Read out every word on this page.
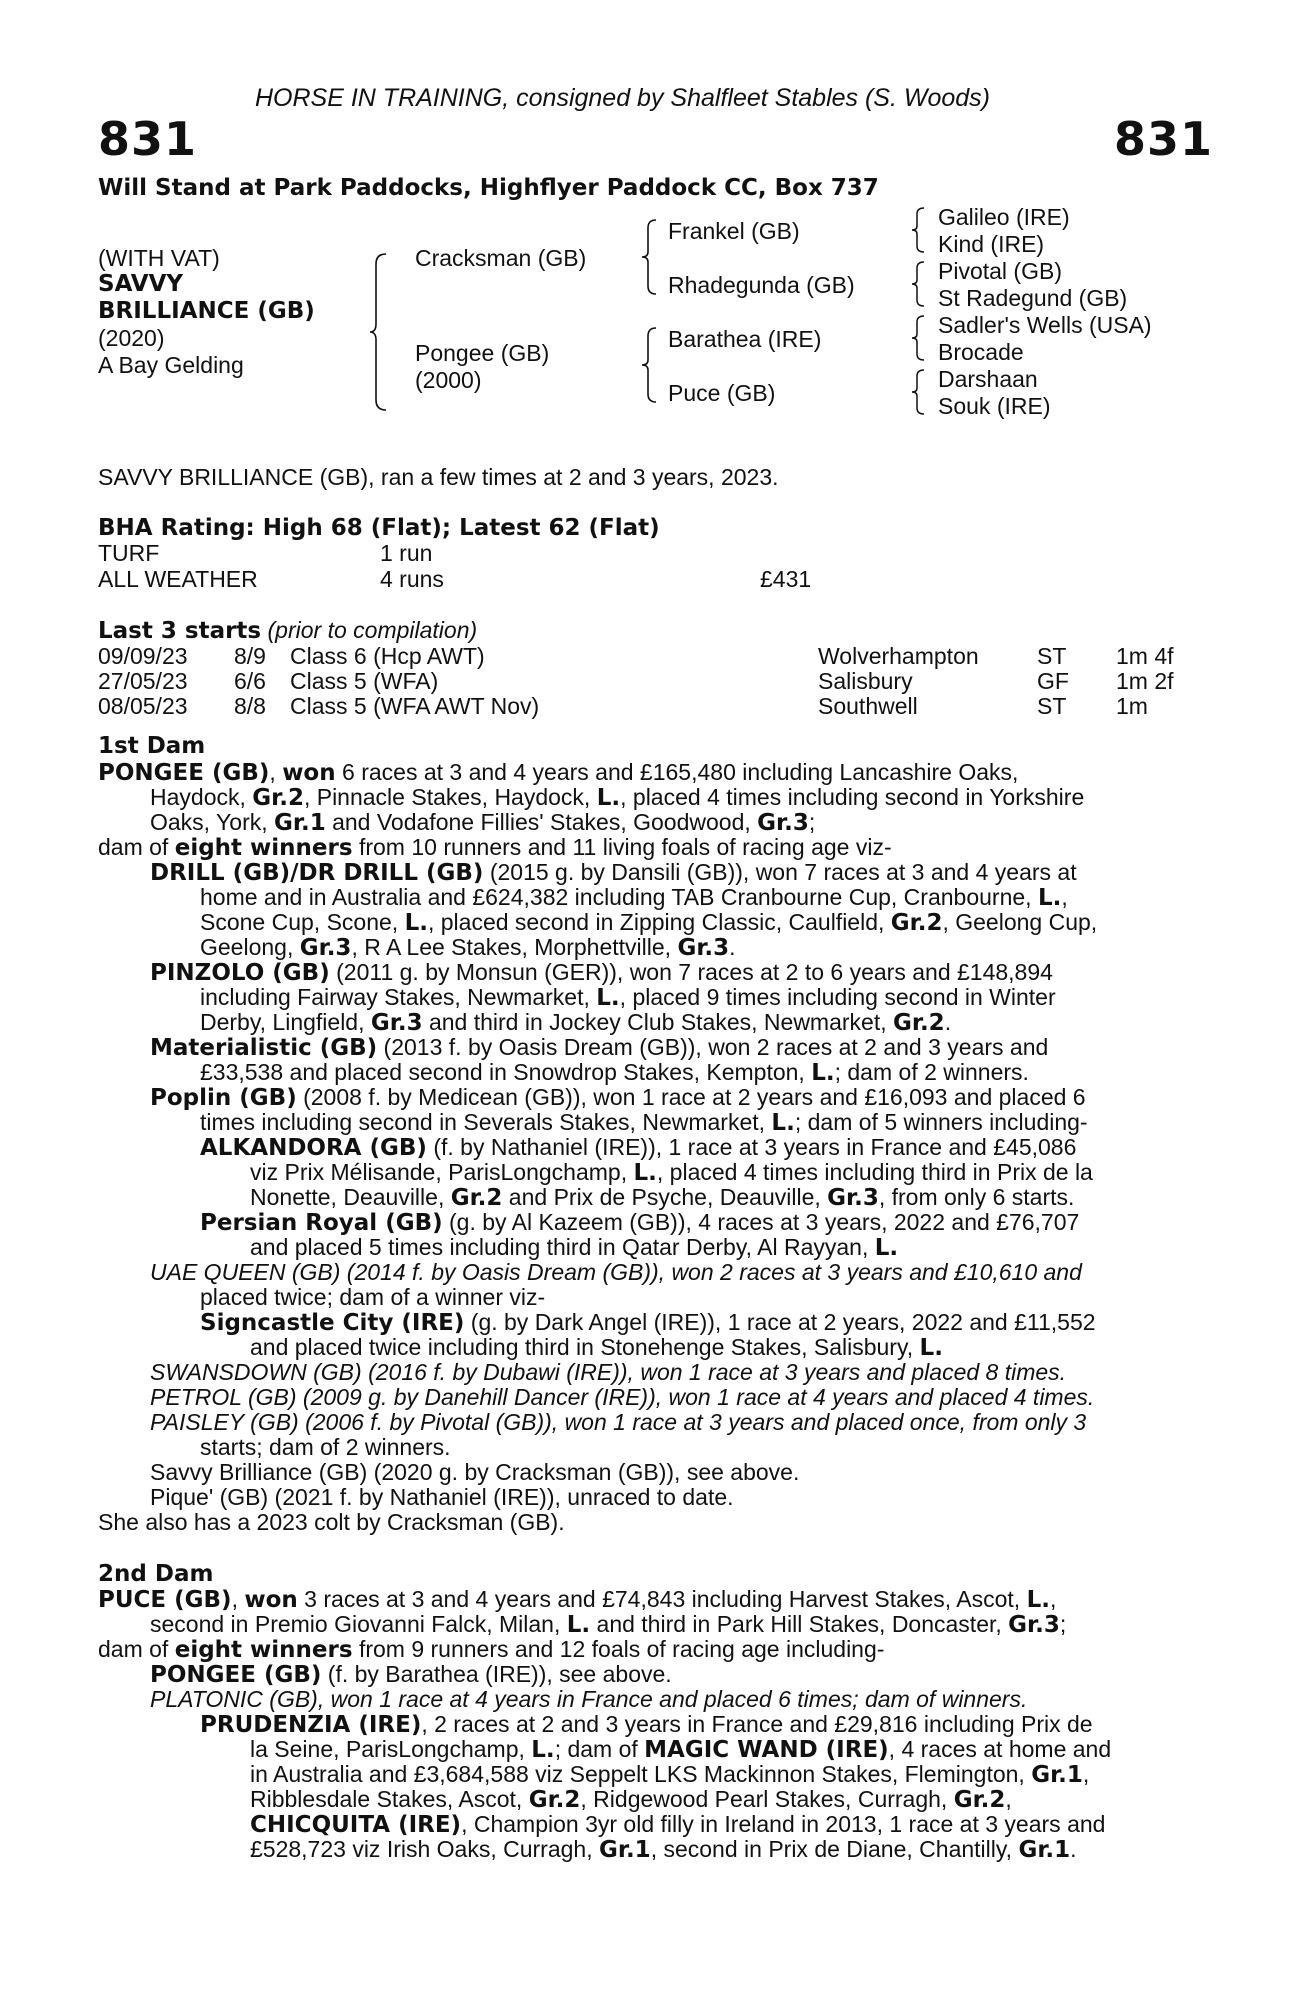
HORSE IN TRAINING, consigned by Shalfleet Stables (S. Woods)
831	831
Will Stand at Park Paddocks, Highflyer Paddock CC, Box 737
(WITH VAT)
SAVVY
BRILLIANCE (GB)
(2020)
A Bay Gelding
Cracksman (GB)
Pongee (GB)
(2000)
Frankel (GB)
Rhadegunda (GB)
Barathea (IRE)
Puce (GB)
Galileo (IRE)
Kind (IRE)
Pivotal (GB)
St Radegund (GB)
Sadler's Wells (USA)
Brocade
Darshaan
Souk (IRE)
SAVVY BRILLIANCE (GB), ran a few times at 2 and 3 years, 2023.
BHA Rating: High 68 (Flat); Latest 62 (Flat)
TURF	1 run
ALL WEATHER	4 runs	£431
Last 3 starts (prior to compilation)
09/09/23 8/9 Class 6 (Hcp AWT)	Wolverhampton	ST 1m 4f
27/05/23 6/6 Class 5 (WFA)	Salisbury	GF 1m 2f
08/05/23 8/8 Class 5 (WFA AWT Nov)	Southwell	ST 1m
1st Dam
PONGEE (GB), won 6 races at 3 and 4 years and £165,480 including Lancashire Oaks,
Haydock, Gr.2, Pinnacle Stakes, Haydock, L., placed 4 times including second in Yorkshire
Oaks, York, Gr.1 and Vodafone Fillies' Stakes, Goodwood, Gr.3;
dam of eight winners from 10 runners and 11 living foals of racing age viz-
DRILL (GB)/DR DRILL (GB) (2015 g. by Dansili (GB)), won 7 races at 3 and 4 years at
home and in Australia and £624,382 including TAB Cranbourne Cup, Cranbourne, L.,
Scone Cup, Scone, L., placed second in Zipping Classic, Caulfield, Gr.2, Geelong Cup,
Geelong, Gr.3, R A Lee Stakes, Morphettville, Gr.3.
PINZOLO (GB) (2011 g. by Monsun (GER)), won 7 races at 2 to 6 years and £148,894
including Fairway Stakes, Newmarket, L., placed 9 times including second in Winter
Derby, Lingfield, Gr.3 and third in Jockey Club Stakes, Newmarket, Gr.2.
Materialistic (GB) (2013 f. by Oasis Dream (GB)), won 2 races at 2 and 3 years and
£33,538 and placed second in Snowdrop Stakes, Kempton, L.; dam of 2 winners.
Poplin (GB) (2008 f. by Medicean (GB)), won 1 race at 2 years and £16,093 and placed 6
times including second in Severals Stakes, Newmarket, L.; dam of 5 winners including-
ALKANDORA (GB) (f. by Nathaniel (IRE)), 1 race at 3 years in France and £45,086
viz Prix Mélisande, ParisLongchamp, L., placed 4 times including third in Prix de la
Nonette, Deauville, Gr.2 and Prix de Psyche, Deauville, Gr.3, from only 6 starts.
Persian Royal (GB) (g. by Al Kazeem (GB)), 4 races at 3 years, 2022 and £76,707
and placed 5 times including third in Qatar Derby, Al Rayyan, L.
UAE QUEEN (GB) (2014 f. by Oasis Dream (GB)), won 2 races at 3 years and £10,610 and
placed twice; dam of a winner viz-
Signcastle City (IRE) (g. by Dark Angel (IRE)), 1 race at 2 years, 2022 and £11,552
and placed twice including third in Stonehenge Stakes, Salisbury, L.
SWANSDOWN (GB) (2016 f. by Dubawi (IRE)), won 1 race at 3 years and placed 8 times.
PETROL (GB) (2009 g. by Danehill Dancer (IRE)), won 1 race at 4 years and placed 4 times.
PAISLEY (GB) (2006 f. by Pivotal (GB)), won 1 race at 3 years and placed once, from only 3
starts; dam of 2 winners.
Savvy Brilliance (GB) (2020 g. by Cracksman (GB)), see above.
Pique' (GB) (2021 f. by Nathaniel (IRE)), unraced to date.
She also has a 2023 colt by Cracksman (GB).
2nd Dam
PUCE (GB), won 3 races at 3 and 4 years and £74,843 including Harvest Stakes, Ascot, L.,
second in Premio Giovanni Falck, Milan, L. and third in Park Hill Stakes, Doncaster, Gr.3;
dam of eight winners from 9 runners and 12 foals of racing age including-
PONGEE (GB) (f. by Barathea (IRE)), see above.
PLATONIC (GB), won 1 race at 4 years in France and placed 6 times; dam of winners.
PRUDENZIA (IRE), 2 races at 2 and 3 years in France and £29,816 including Prix de
la Seine, ParisLongchamp, L.; dam of MAGIC WAND (IRE), 4 races at home and
in Australia and £3,684,588 viz Seppelt LKS Mackinnon Stakes, Flemington, Gr.1,
Ribblesdale Stakes, Ascot, Gr.2, Ridgewood Pearl Stakes, Curragh, Gr.2,
CHICQUITA (IRE), Champion 3yr old filly in Ireland in 2013, 1 race at 3 years and
£528,723 viz Irish Oaks, Curragh, Gr.1, second in Prix de Diane, Chantilly, Gr.1.
